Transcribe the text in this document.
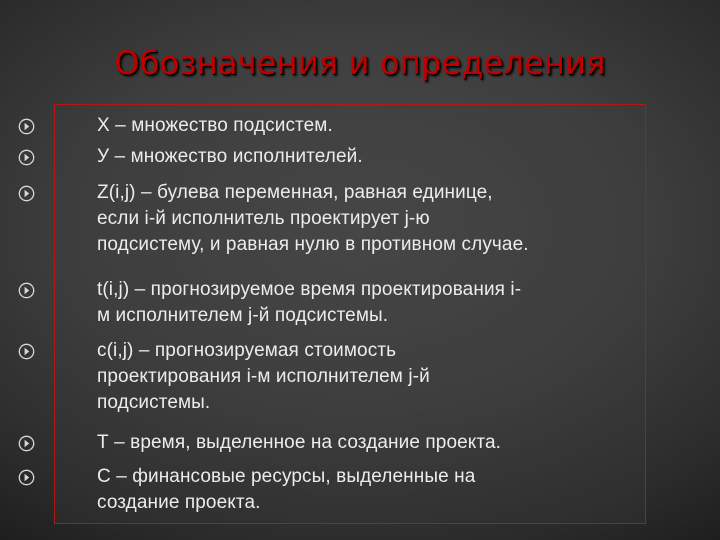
Обозначения и определения
Х – множество подсистем.
У – множество исполнителей.
Z(i,j) – булева переменная, равная единице,
если i-й исполнитель проектирует j-ю
подсистему, и равная нулю в противном случае.
t(i,j) – прогнозируемое время проектирования i-
м исполнителем j-й подсистемы.
c(i,j) – прогнозируемая стоимость
проектирования i-м исполнителем j-й
подсистемы.
Т – время, выделенное на создание проекта.
С – финансовые ресурсы, выделенные на
создание проекта.
